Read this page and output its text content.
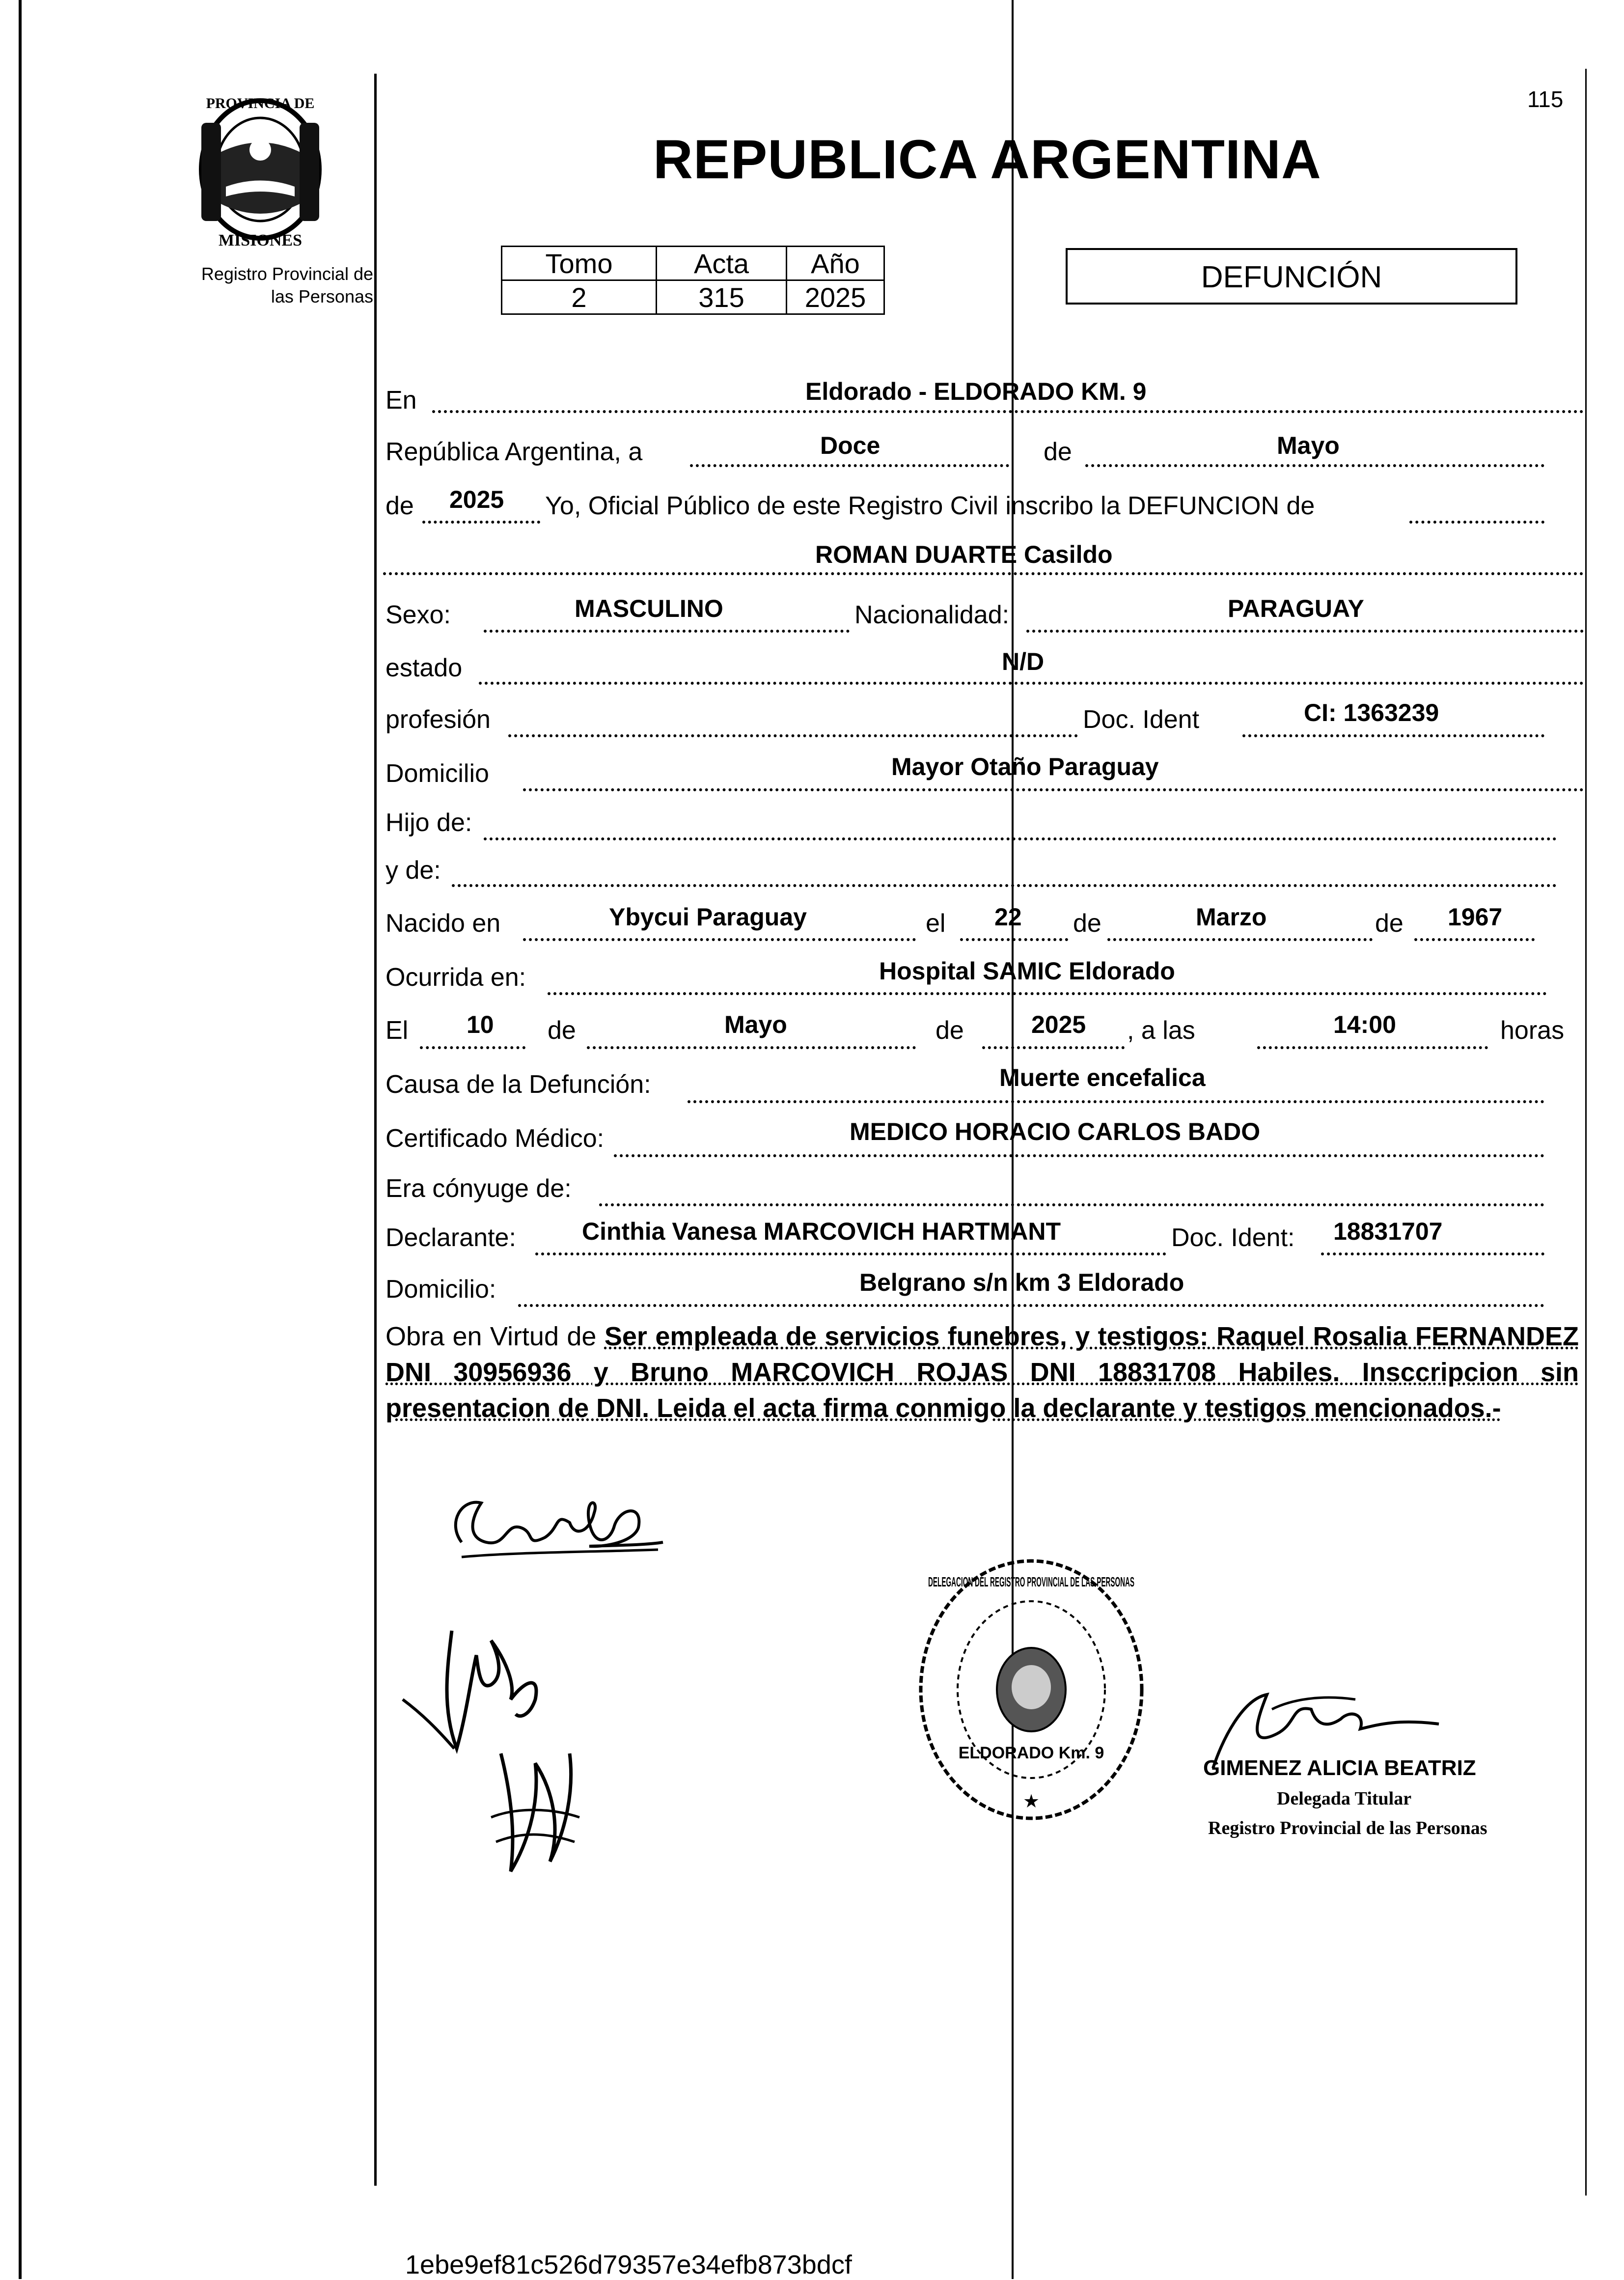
PROVINCIA DE
MISIONES
Registro Provincial de
las Personas
115
REPUBLICA ARGENTINA
Tomo	Acta	Año
2	315	2025
DEFUNCIÓN
En	Eldorado - ELDORADO KM. 9
República Argentina, a	Doce	de	Mayo
de 2025 Yo, Oficial Público de este Registro Civil inscribo la DEFUNCION de
ROMAN DUARTE Casildo
Sexo:	MASCULINO	Nacionalidad:	PARAGUAY
estado	N/D
profesión	Doc. Ident	CI: 1363239
Domicilio	Mayor Otaño Paraguay
Hijo de:
y de:
Nacido en	Ybycui Paraguay	el 22 de	Marzo	de 1967
Ocurrida en:	Hospital SAMIC Eldorado
El 10 de	Mayo	de	2025 , a las	14:00	horas
Causa de la Defunción:	Muerte encefalica
Certificado Médico:	MEDICO HORACIO CARLOS BADO
Era cónyuge de:
Declarante:	Cinthia Vanesa MARCOVICH HARTMANT	Doc. Ident: 18831707
Domicilio:	Belgrano s/n km 3 Eldorado
Obra en Virtud de Ser empleada de servicios funebres, y testigos: Raquel Rosalia FERNANDEZ DNI 30956936 y Bruno MARCOVICH ROJAS DNI 18831708 Habiles. Insccripcion sin presentacion de DNI. Leida el acta firma conmigo la declarante y testigos mencionados.-
DELEGACION DEL REGISTRO PROVINCIAL DE LAS PERSONAS
ELDORADO Km. 9
★
GIMENEZ ALICIA BEATRIZ
Delegada Titular
Registro Provincial de las Personas
1ebe9ef81c526d79357e34efb873bdcf
